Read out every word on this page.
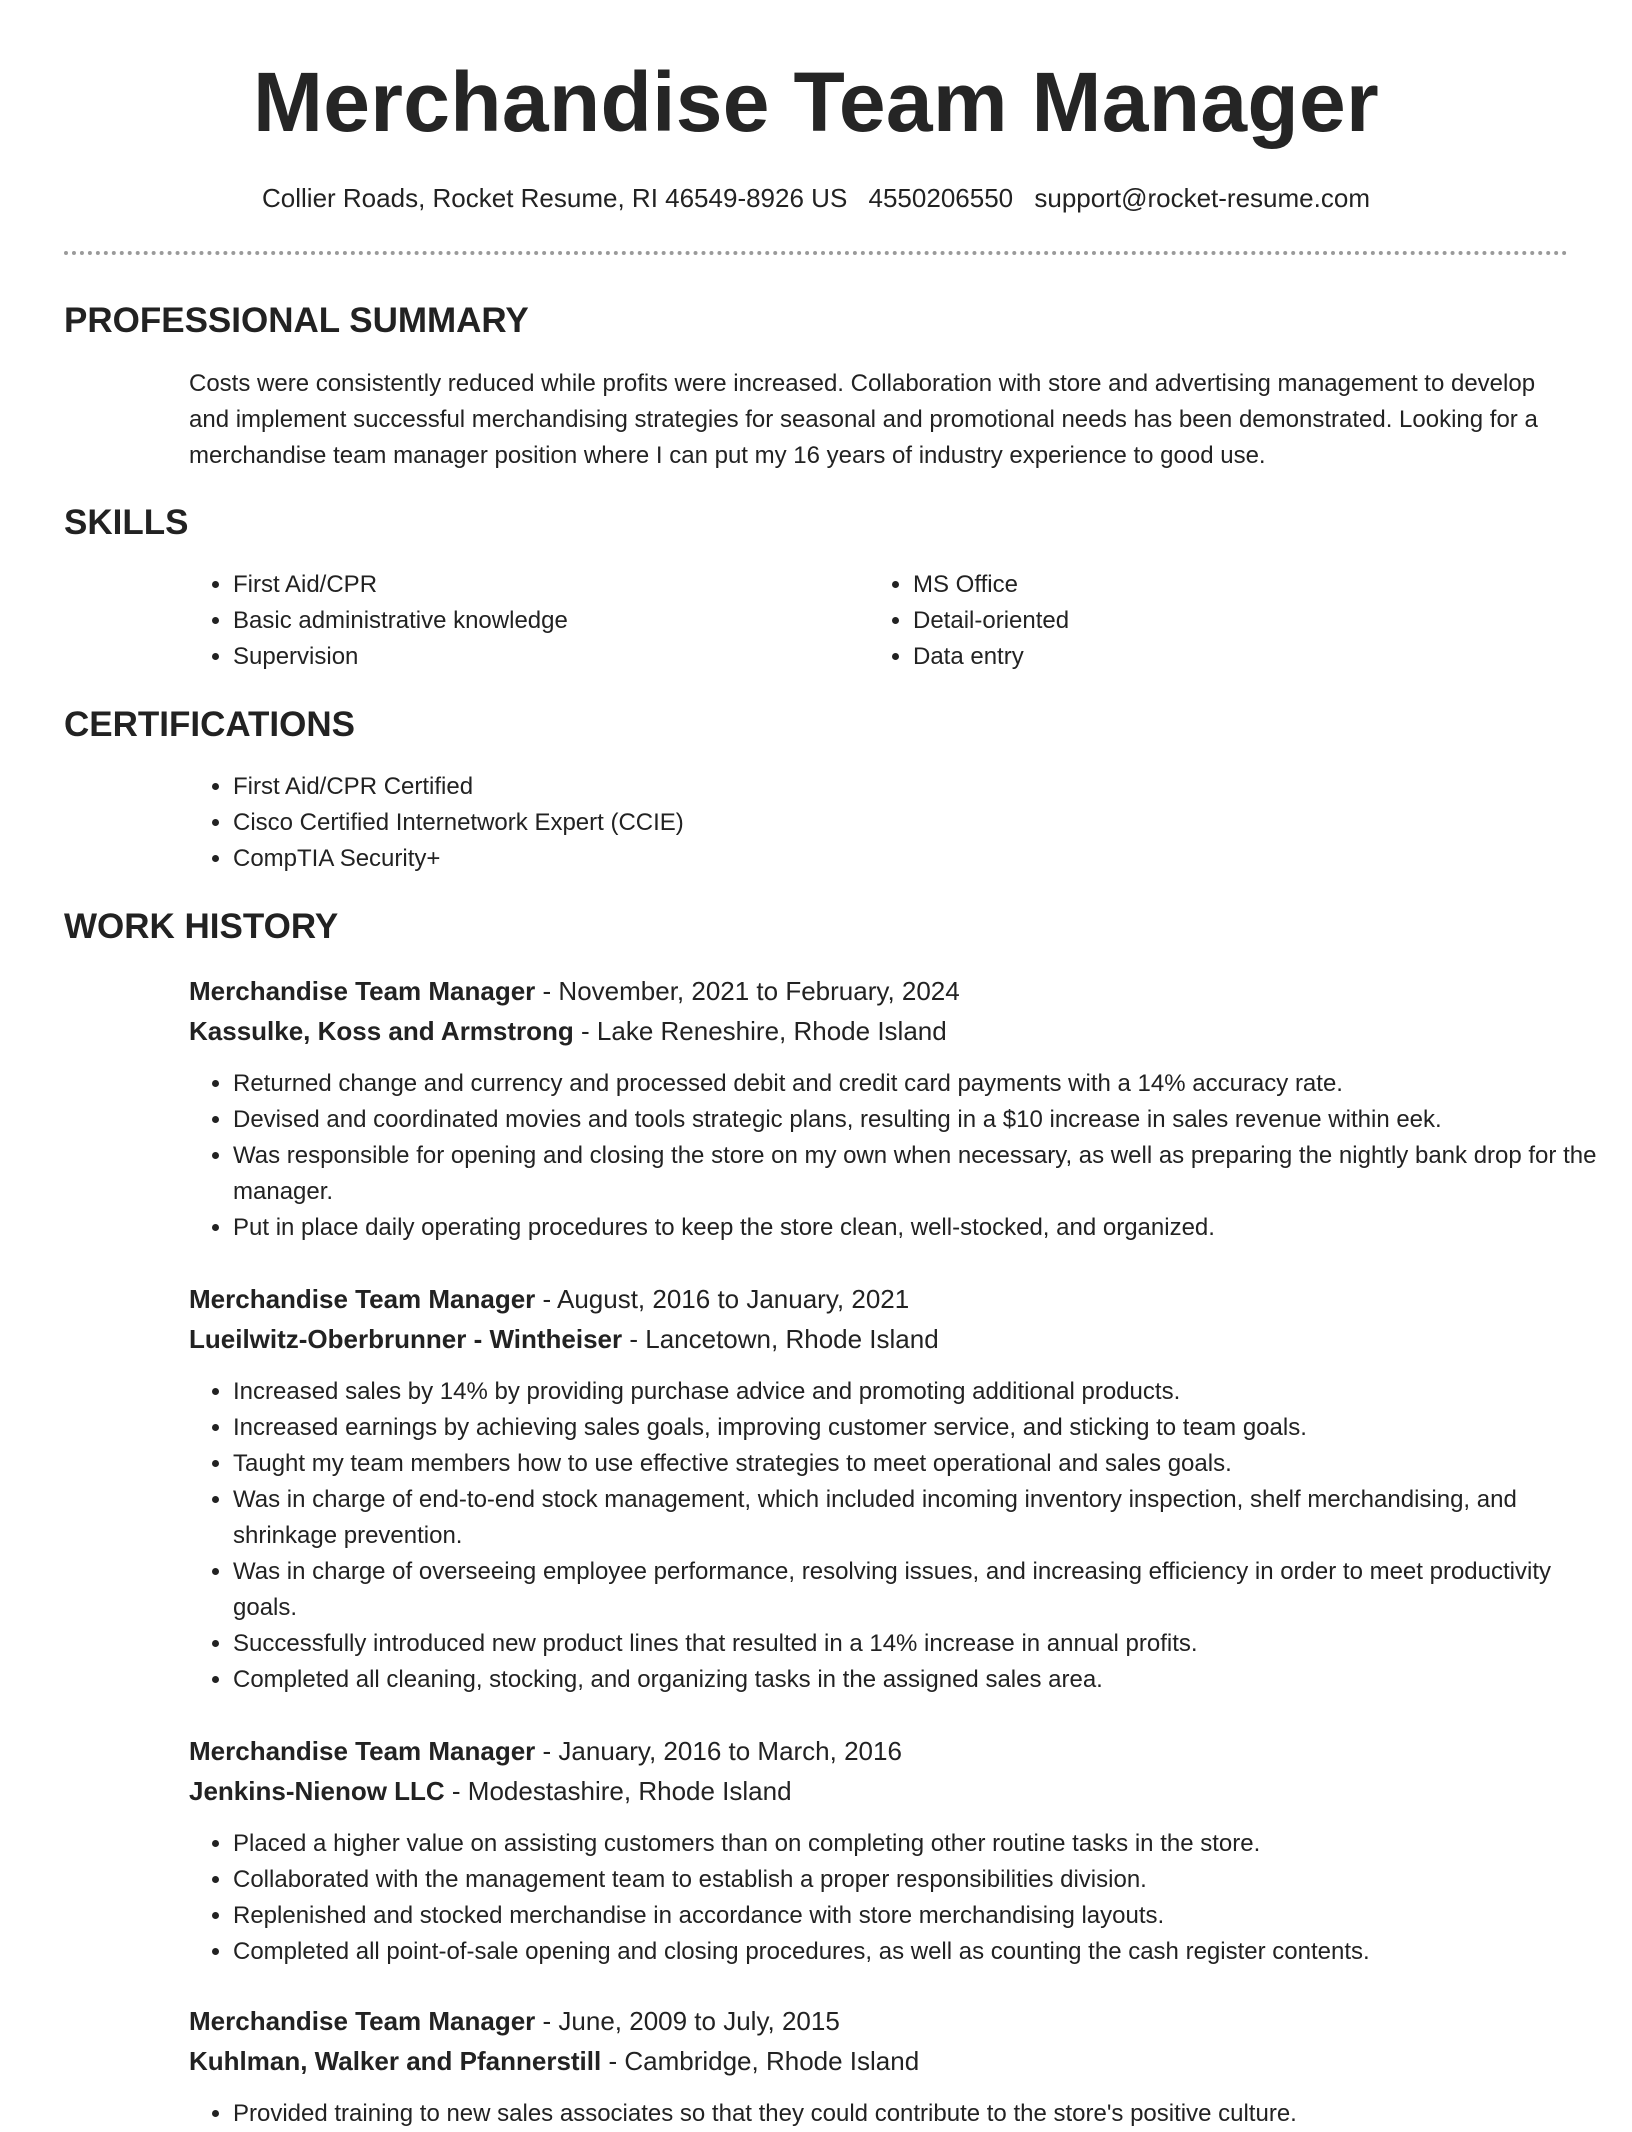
Merchandise Team Manager
Collier Roads, Rocket Resume, RI 46549-8926 US 4550206550 support@rocket-resume.com
PROFESSIONAL SUMMARY
Costs were consistently reduced while profits were increased. Collaboration with store and advertising management to develop and implement successful merchandising strategies for seasonal and promotional needs has been demonstrated. Looking for a merchandise team manager position where I can put my 16 years of industry experience to good use.
SKILLS
• First Aid/CPR
• Basic administrative knowledge
• Supervision
• MS Office
• Detail-oriented
• Data entry
CERTIFICATIONS
• First Aid/CPR Certified
• Cisco Certified Internetwork Expert (CCIE)
• CompTIA Security+
WORK HISTORY
Merchandise Team Manager - November, 2021 to February, 2024
Kassulke, Koss and Armstrong - Lake Reneshire, Rhode Island
• Returned change and currency and processed debit and credit card payments with a 14% accuracy rate.
• Devised and coordinated movies and tools strategic plans, resulting in a $10 increase in sales revenue within eek.
• Was responsible for opening and closing the store on my own when necessary, as well as preparing the nightly bank drop for the manager.
• Put in place daily operating procedures to keep the store clean, well-stocked, and organized.
Merchandise Team Manager - August, 2016 to January, 2021
Lueilwitz-Oberbrunner - Wintheiser - Lancetown, Rhode Island
• Increased sales by 14% by providing purchase advice and promoting additional products.
• Increased earnings by achieving sales goals, improving customer service, and sticking to team goals.
• Taught my team members how to use effective strategies to meet operational and sales goals.
• Was in charge of end-to-end stock management, which included incoming inventory inspection, shelf merchandising, and shrinkage prevention.
• Was in charge of overseeing employee performance, resolving issues, and increasing efficiency in order to meet productivity goals.
• Successfully introduced new product lines that resulted in a 14% increase in annual profits.
• Completed all cleaning, stocking, and organizing tasks in the assigned sales area.
Merchandise Team Manager - January, 2016 to March, 2016
Jenkins-Nienow LLC - Modestashire, Rhode Island
• Placed a higher value on assisting customers than on completing other routine tasks in the store.
• Collaborated with the management team to establish a proper responsibilities division.
• Replenished and stocked merchandise in accordance with store merchandising layouts.
• Completed all point-of-sale opening and closing procedures, as well as counting the cash register contents.
Merchandise Team Manager - June, 2009 to July, 2015
Kuhlman, Walker and Pfannerstill - Cambridge, Rhode Island
• Provided training to new sales associates so that they could contribute to the store's positive culture.
